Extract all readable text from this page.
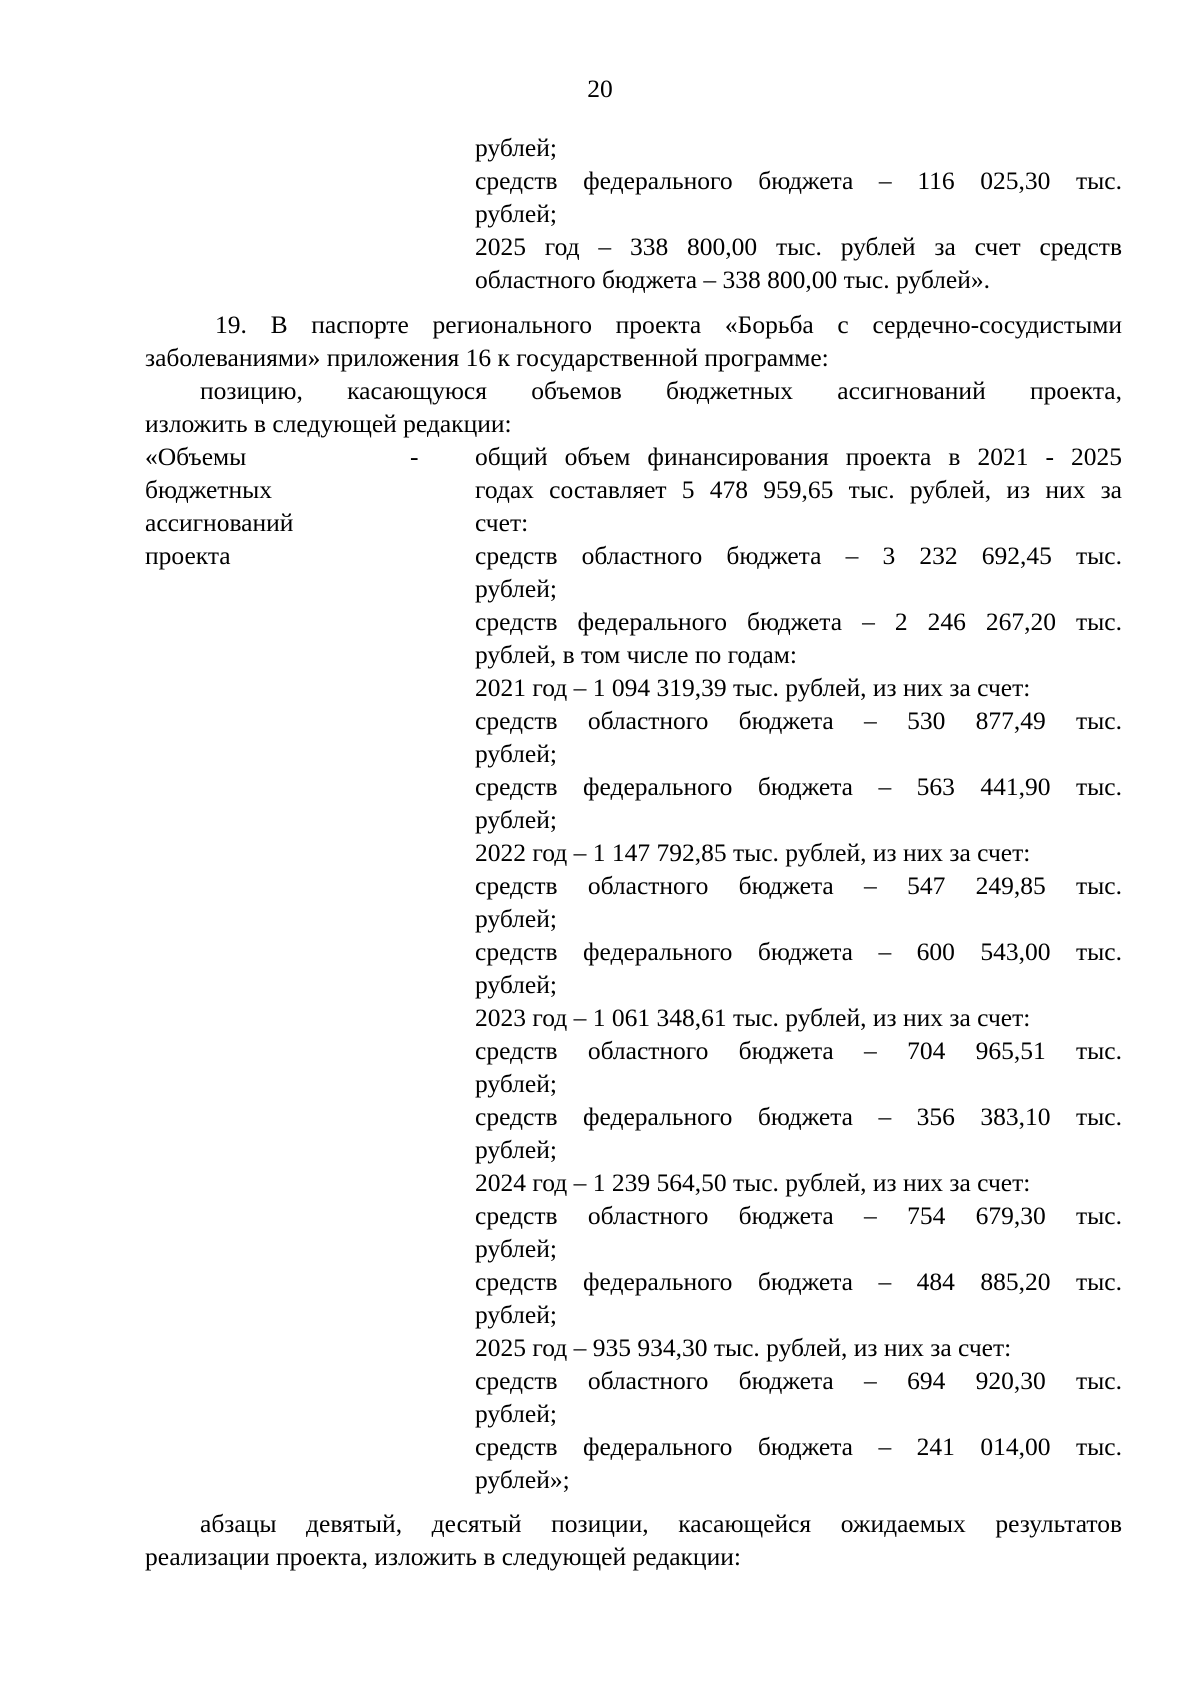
20
рублей;
средств федерального бюджета – 116 025,30 тыс.
рублей;
2025 год – 338 800,00 тыс. рублей за счет средств
областного бюджета – 338 800,00 тыс. рублей».
19. В паспорте регионального проекта «Борьба с сердечно-сосудистыми
заболеваниями» приложения 16 к государственной программе:
позицию, касающуюся объемов бюджетных ассигнований проекта,
изложить в следующей редакции:
«Объемы
бюджетных
ассигнований
проекта
- общий объем финансирования проекта в 2021 - 2025
годах составляет 5 478 959,65 тыс. рублей, из них за
счет:
средств областного бюджета – 3 232 692,45 тыс.
рублей;
средств федерального бюджета – 2 246 267,20 тыс.
рублей, в том числе по годам:
2021 год – 1 094 319,39 тыс. рублей, из них за счет:
средств областного бюджета – 530 877,49 тыс.
рублей;
средств федерального бюджета – 563 441,90 тыс.
рублей;
2022 год – 1 147 792,85 тыс. рублей, из них за счет:
средств областного бюджета – 547 249,85 тыс.
рублей;
средств федерального бюджета – 600 543,00 тыс.
рублей;
2023 год – 1 061 348,61 тыс. рублей, из них за счет:
средств областного бюджета – 704 965,51 тыс.
рублей;
средств федерального бюджета – 356 383,10 тыс.
рублей;
2024 год – 1 239 564,50 тыс. рублей, из них за счет:
средств областного бюджета – 754 679,30 тыс.
рублей;
средств федерального бюджета – 484 885,20 тыс.
рублей;
2025 год – 935 934,30 тыс. рублей, из них за счет:
средств областного бюджета – 694 920,30 тыс.
рублей;
средств федерального бюджета – 241 014,00 тыс.
рублей»;
абзацы девятый, десятый позиции, касающейся ожидаемых результатов
реализации проекта, изложить в следующей редакции:
